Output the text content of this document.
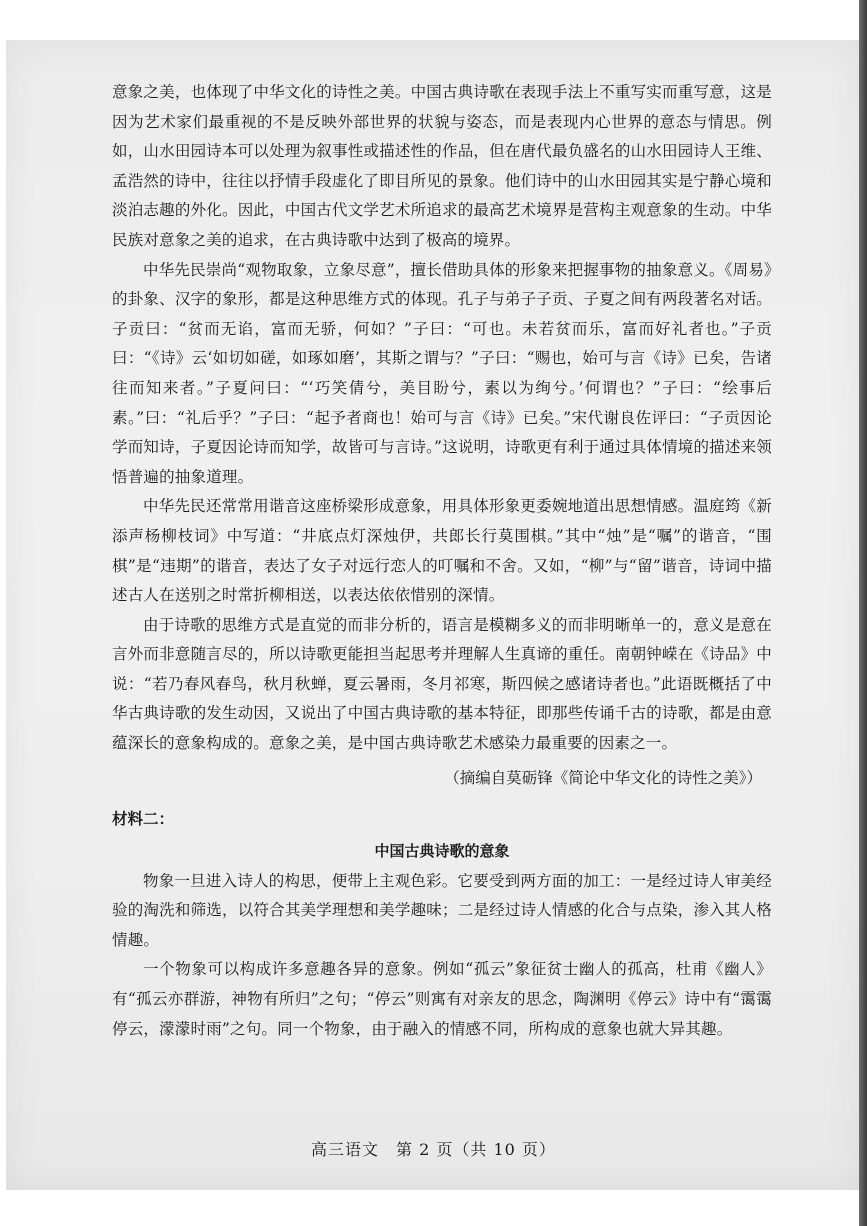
意象之美，也体现了中华文化的诗性之美。中国古典诗歌在表现手法上不重写实而重写意，这是因为艺术家们最重视的不是反映外部世界的状貌与姿态，而是表现内心世界的意态与情思。例如，山水田园诗本可以处理为叙事性或描述性的作品，但在唐代最负盛名的山水田园诗人王维、孟浩然的诗中，往往以抒情手段虚化了即目所见的景象。他们诗中的山水田园其实是宁静心境和淡泊志趣的外化。因此，中国古代文学艺术所追求的最高艺术境界是营构主观意象的生动。中华民族对意象之美的追求，在古典诗歌中达到了极高的境界。

中华先民崇尚“观物取象，立象尽意”，擅长借助具体的形象来把握事物的抽象意义。《周易》的卦象、汉字的象形，都是这种思维方式的体现。孔子与弟子子贡、子夏之间有两段著名对话。子贡曰：“贫而无谄，富而无骄，何如？”子曰：“可也。未若贫而乐，富而好礼者也。”子贡曰：“《诗》云‘如切如磋，如琢如磨’，其斯之谓与？”子曰：“赐也，始可与言《诗》已矣，告诸往而知来者。”子夏问曰：“‘巧笑倩兮，美目盼兮，素以为绚兮。’何谓也？”子曰：“绘事后素。”曰：“礼后乎？”子曰：“起予者商也！始可与言《诗》已矣。”宋代谢良佐评曰：“子贡因论学而知诗，子夏因论诗而知学，故皆可与言诗。”这说明，诗歌更有利于通过具体情境的描述来领悟普遍的抽象道理。

中华先民还常常用谐音这座桥梁形成意象，用具体形象更委婉地道出思想情感。温庭筠《新添声杨柳枝词》中写道：“井底点灯深烛伊，共郎长行莫围棋。”其中“烛”是“嘱”的谐音，“围棋”是“违期”的谐音，表达了女子对远行恋人的叮嘱和不舍。又如，“柳”与“留”谐音，诗词中描述古人在送别之时常折柳相送，以表达依依惜别的深情。

由于诗歌的思维方式是直觉的而非分析的，语言是模糊多义的而非明晰单一的，意义是意在言外而非意随言尽的，所以诗歌更能担当起思考并理解人生真谛的重任。南朝钟嵘在《诗品》中说：“若乃春风春鸟，秋月秋蝉，夏云暑雨，冬月祁寒，斯四候之感诸诗者也。”此语既概括了中华古典诗歌的发生动因，又说出了中国古典诗歌的基本特征，即那些传诵千古的诗歌，都是由意蕴深长的意象构成的。意象之美，是中国古典诗歌艺术感染力最重要的因素之一。

（摘编自莫砺锋《简论中华文化的诗性之美》）

材料二：

中国古典诗歌的意象

物象一旦进入诗人的构思，便带上主观色彩。它要受到两方面的加工：一是经过诗人审美经验的淘洗和筛选，以符合其美学理想和美学趣味；二是经过诗人情感的化合与点染，渗入其人格情趣。

一个物象可以构成许多意趣各异的意象。例如“孤云”象征贫士幽人的孤高，杜甫《幽人》有“孤云亦群游，神物有所归”之句；“停云”则寓有对亲友的思念，陶渊明《停云》诗中有“霭霭停云，濛濛时雨”之句。同一个物象，由于融入的情感不同，所构成的意象也就大异其趣。

高三语文　第 2 页（共 10 页）
